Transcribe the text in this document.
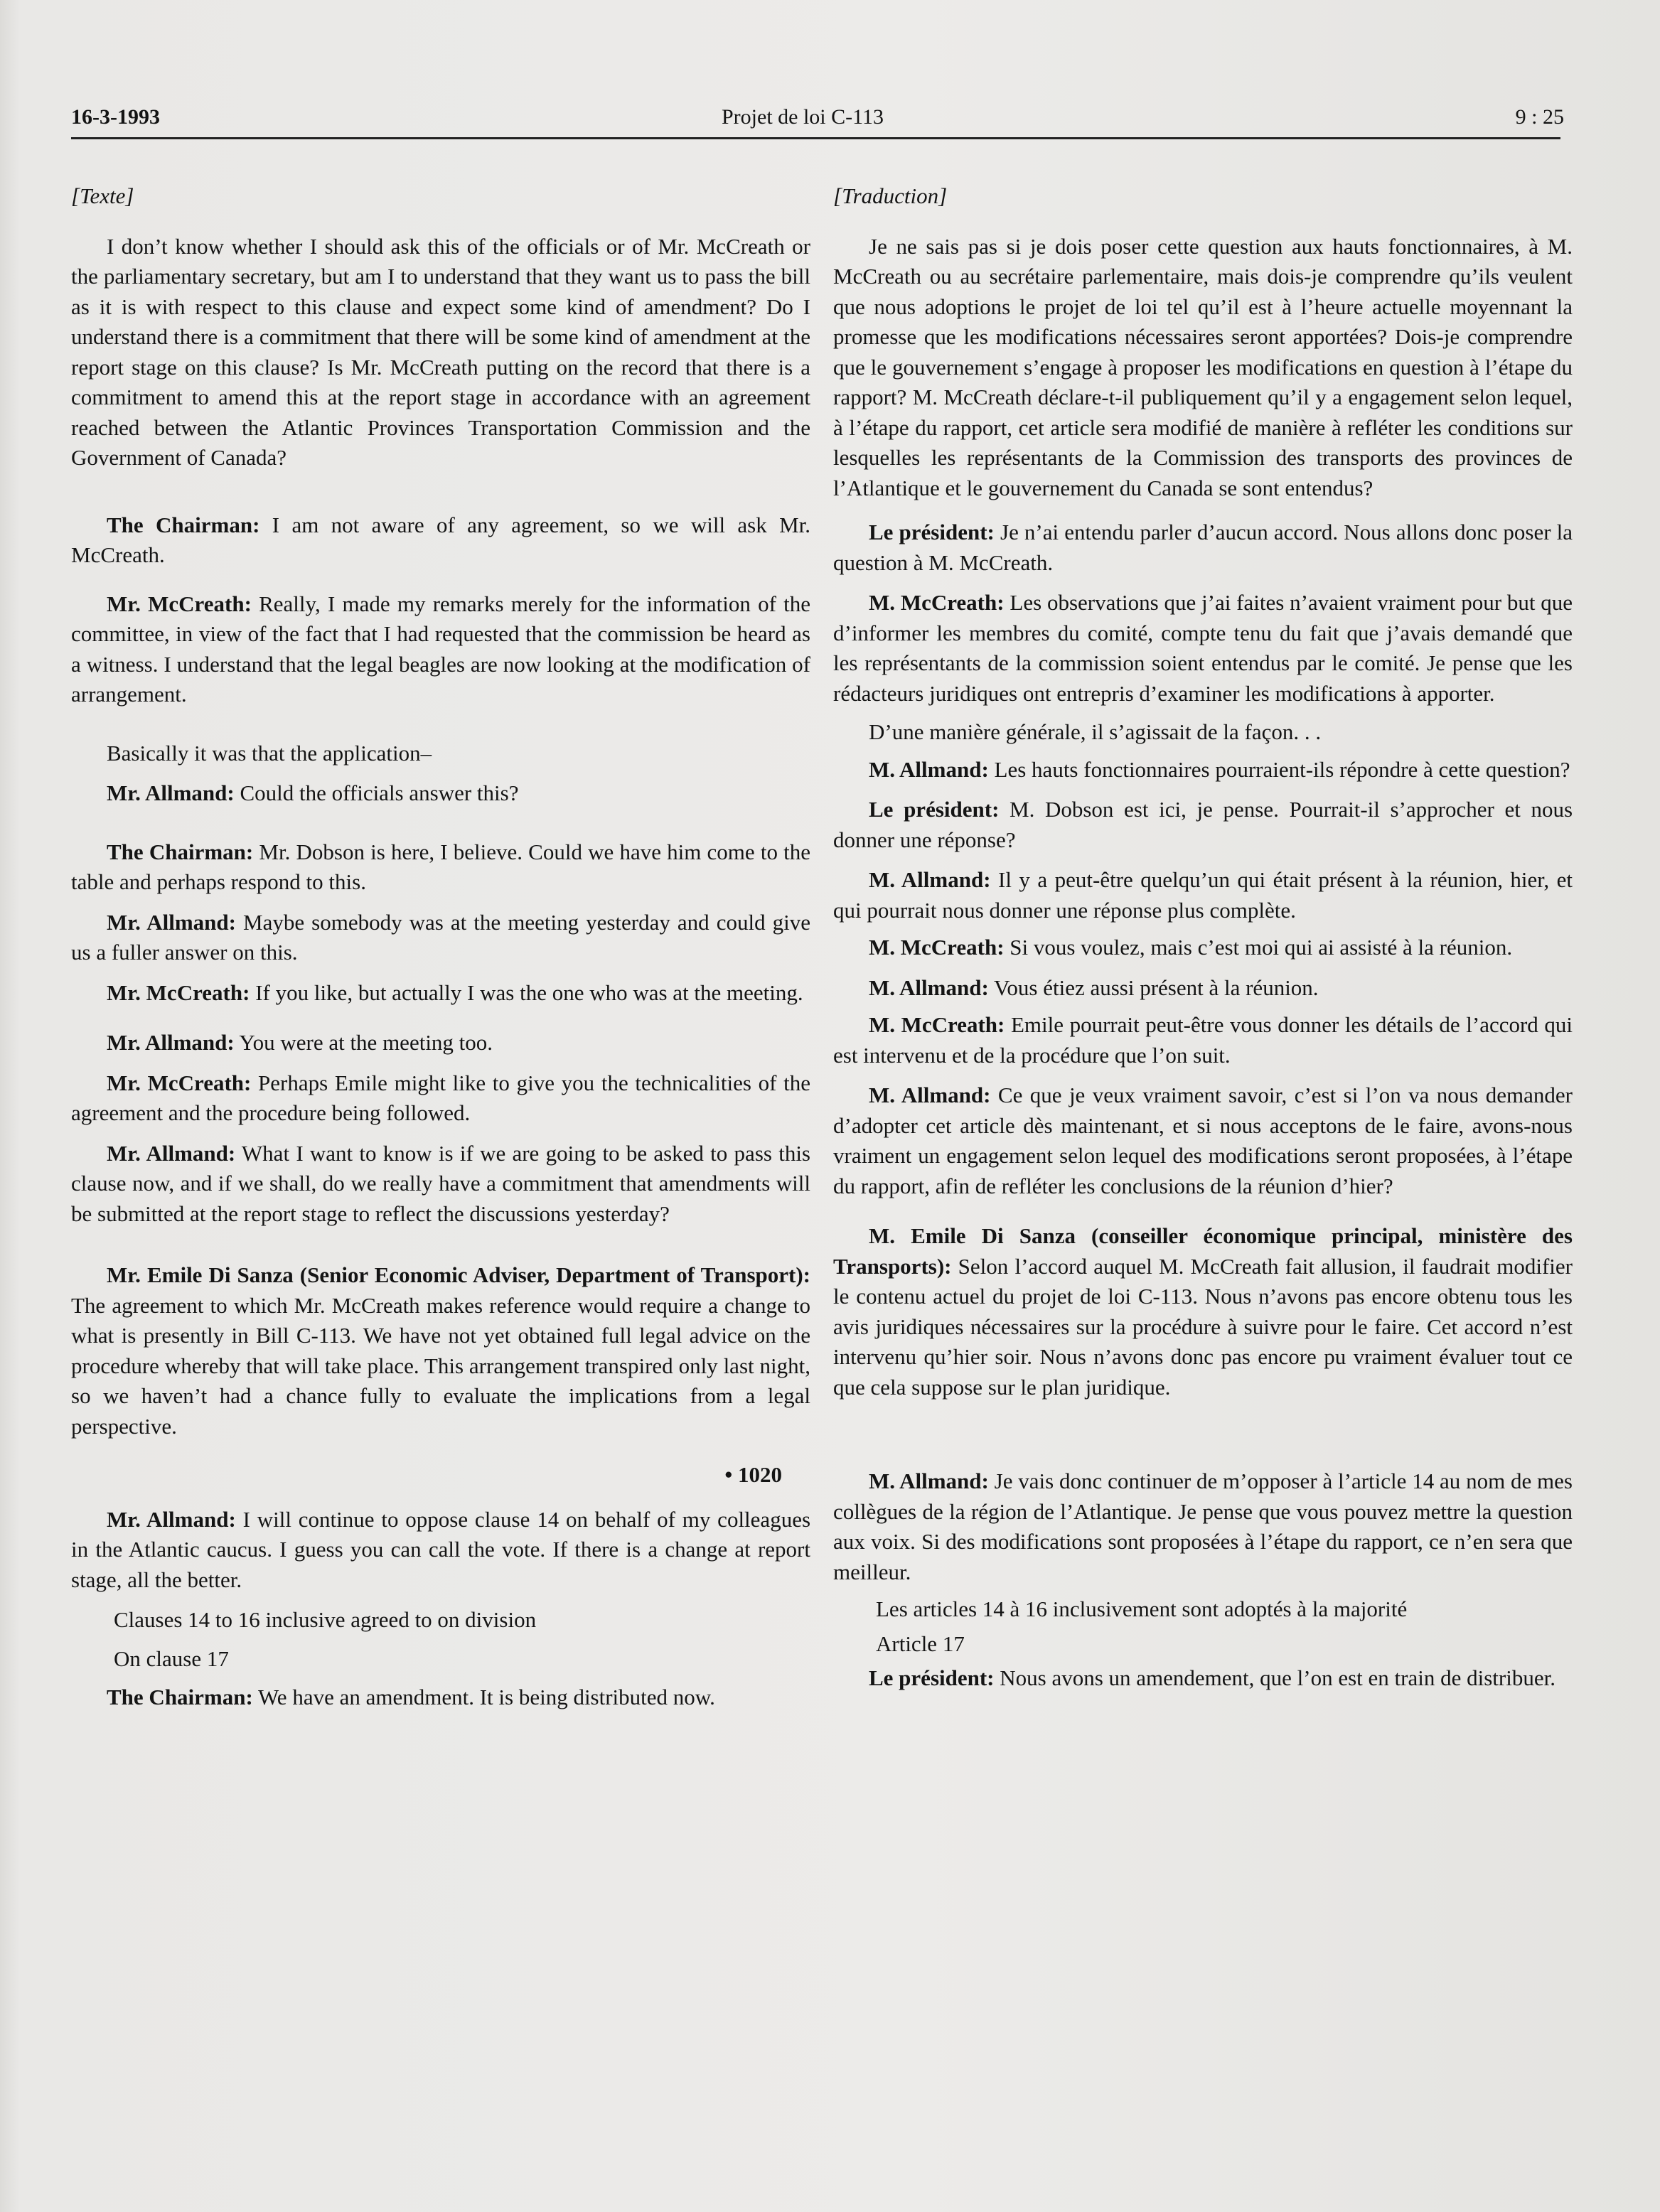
16-3-1993	Projet de loi C-113	9 : 25

[Texte]

I don’t know whether I should ask this of the officials or of Mr. McCreath or the parliamentary secretary, but am I to understand that they want us to pass the bill as it is with respect to this clause and expect some kind of amendment? Do I understand there is a commitment that there will be some kind of amendment at the report stage on this clause? Is Mr. McCreath putting on the record that there is a commitment to amend this at the report stage in accordance with an agreement reached between the Atlantic Provinces Transportation Commission and the Government of Canada?

The Chairman: I am not aware of any agreement, so we will ask Mr. McCreath.

Mr. McCreath: Really, I made my remarks merely for the information of the committee, in view of the fact that I had requested that the commission be heard as a witness. I understand that the legal beagles are now looking at the modification of arrangement.

Basically it was that the application–

Mr. Allmand: Could the officials answer this?

The Chairman: Mr. Dobson is here, I believe. Could we have him come to the table and perhaps respond to this.

Mr. Allmand: Maybe somebody was at the meeting yesterday and could give us a fuller answer on this.

Mr. McCreath: If you like, but actually I was the one who was at the meeting.

Mr. Allmand: You were at the meeting too.

Mr. McCreath: Perhaps Emile might like to give you the technicalities of the agreement and the procedure being followed.

Mr. Allmand: What I want to know is if we are going to be asked to pass this clause now, and if we shall, do we really have a commitment that amendments will be submitted at the report stage to reflect the discussions yesterday?

Mr. Emile Di Sanza (Senior Economic Adviser, Department of Transport): The agreement to which Mr. McCreath makes reference would require a change to what is presently in Bill C-113. We have not yet obtained full legal advice on the procedure whereby that will take place. This arrangement transpired only last night, so we haven’t had a chance fully to evaluate the implications from a legal perspective.

• 1020

Mr. Allmand: I will continue to oppose clause 14 on behalf of my colleagues in the Atlantic caucus. I guess you can call the vote. If there is a change at report stage, all the better.

Clauses 14 to 16 inclusive agreed to on division

On clause 17

The Chairman: We have an amendment. It is being distributed now.

[Traduction]

Je ne sais pas si je dois poser cette question aux hauts fonctionnaires, à M. McCreath ou au secrétaire parlementaire, mais dois-je comprendre qu’ils veulent que nous adoptions le projet de loi tel qu’il est à l’heure actuelle moyennant la promesse que les modifications nécessaires seront apportées? Dois-je comprendre que le gouvernement s’engage à proposer les modifications en question à l’étape du rapport? M. McCreath déclare-t-il publiquement qu’il y a engagement selon lequel, à l’étape du rapport, cet article sera modifié de manière à refléter les conditions sur lesquelles les représentants de la Commission des transports des provinces de l’Atlantique et le gouvernement du Canada se sont entendus?

Le président: Je n’ai entendu parler d’aucun accord. Nous allons donc poser la question à M. McCreath.

M. McCreath: Les observations que j’ai faites n’avaient vraiment pour but que d’informer les membres du comité, compte tenu du fait que j’avais demandé que les représentants de la commission soient entendus par le comité. Je pense que les rédacteurs juridiques ont entrepris d’examiner les modifications à apporter.

D’une manière générale, il s’agissait de la façon. . .

M. Allmand: Les hauts fonctionnaires pourraient-ils répondre à cette question?

Le président: M. Dobson est ici, je pense. Pourrait-il s’approcher et nous donner une réponse?

M. Allmand: Il y a peut-être quelqu’un qui était présent à la réunion, hier, et qui pourrait nous donner une réponse plus complète.

M. McCreath: Si vous voulez, mais c’est moi qui ai assisté à la réunion.

M. Allmand: Vous étiez aussi présent à la réunion.

M. McCreath: Emile pourrait peut-être vous donner les détails de l’accord qui est intervenu et de la procédure que l’on suit.

M. Allmand: Ce que je veux vraiment savoir, c’est si l’on va nous demander d’adopter cet article dès maintenant, et si nous acceptons de le faire, avons-nous vraiment un engagement selon lequel des modifications seront proposées, à l’étape du rapport, afin de refléter les conclusions de la réunion d’hier?

M. Emile Di Sanza (conseiller économique principal, ministère des Transports): Selon l’accord auquel M. McCreath fait allusion, il faudrait modifier le contenu actuel du projet de loi C-113. Nous n’avons pas encore obtenu tous les avis juridiques nécessaires sur la procédure à suivre pour le faire. Cet accord n’est intervenu qu’hier soir. Nous n’avons donc pas encore pu vraiment évaluer tout ce que cela suppose sur le plan juridique.

M. Allmand: Je vais donc continuer de m’opposer à l’article 14 au nom de mes collègues de la région de l’Atlantique. Je pense que vous pouvez mettre la question aux voix. Si des modifications sont proposées à l’étape du rapport, ce n’en sera que meilleur.

Les articles 14 à 16 inclusivement sont adoptés à la majorité

Article 17

Le président: Nous avons un amendement, que l’on est en train de distribuer.
